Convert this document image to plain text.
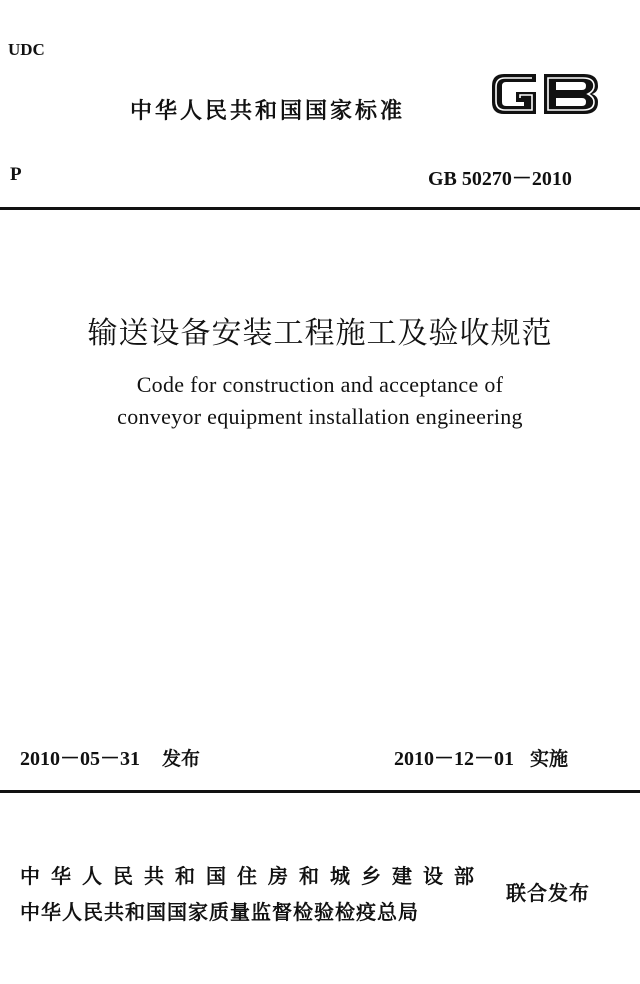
UDC
中华人民共和国国家标准
P	GB 50270－2010
输送设备安装工程施工及验收规范
Code for construction and acceptance of
conveyor equipment installation engineering
2010－05－31 发布	2010－12－01 实施
中华人民共和国住房和城乡建设部
中华人民共和国国家质量监督检验检疫总局
联合发布
